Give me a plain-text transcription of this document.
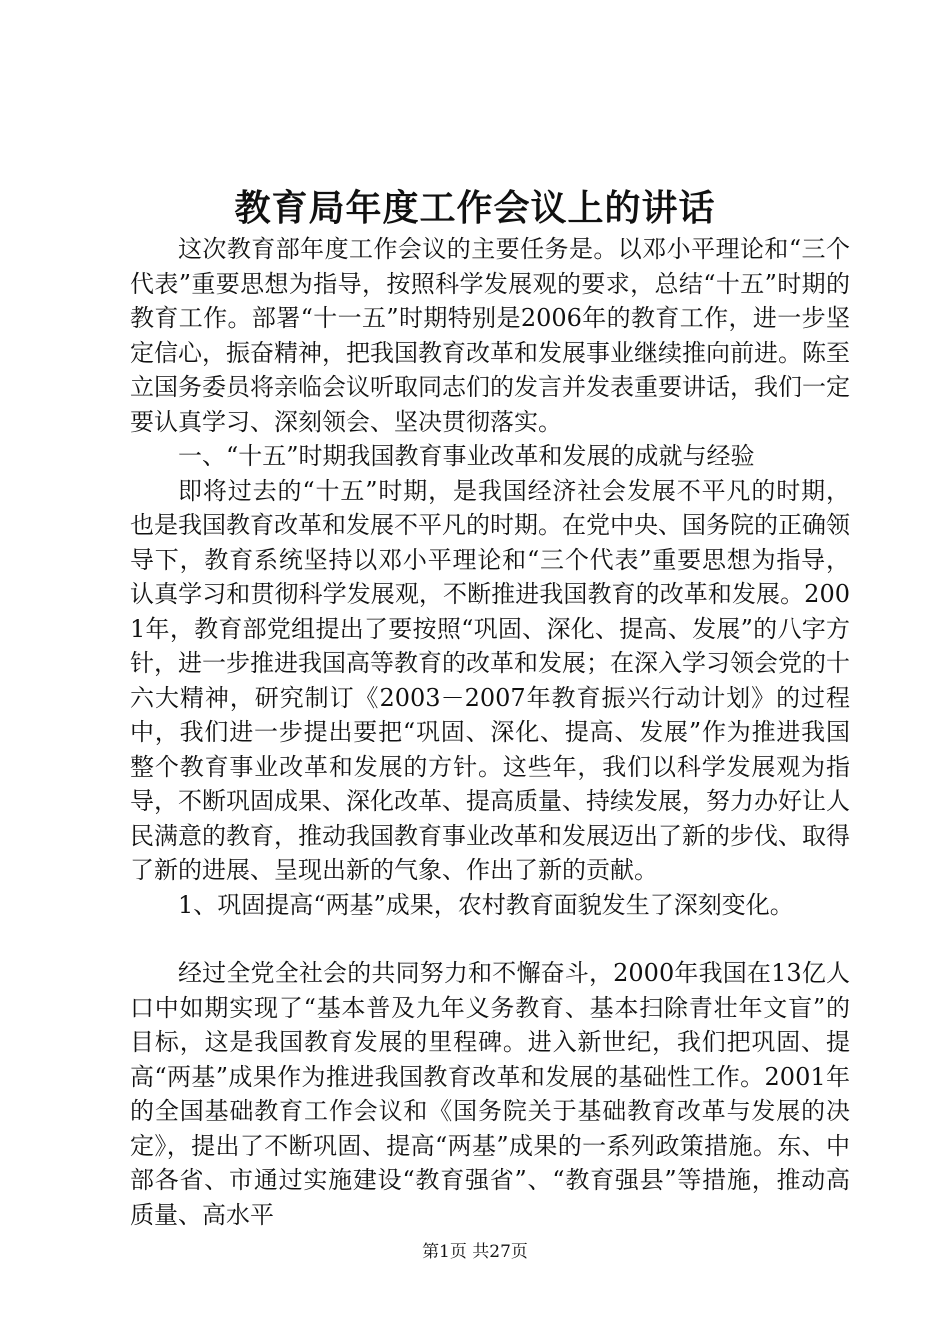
教育局年度工作会议上的讲话

这次教育部年度工作会议的主要任务是。以邓小平理论和“三个代表”重要思想为指导，按照科学发展观的要求，总结“十五”时期的教育工作。部署“十一五”时期特别是2006年的教育工作，进一步坚定信心，振奋精神，把我国教育改革和发展事业继续推向前进。陈至立国务委员将亲临会议听取同志们的发言并发表重要讲话，我们一定要认真学习、深刻领会、坚决贯彻落实。

一、“十五”时期我国教育事业改革和发展的成就与经验

即将过去的“十五”时期，是我国经济社会发展不平凡的时期，也是我国教育改革和发展不平凡的时期。在党中央、国务院的正确领导下，教育系统坚持以邓小平理论和“三个代表”重要思想为指导，认真学习和贯彻科学发展观，不断推进我国教育的改革和发展。2001年，教育部党组提出了要按照“巩固、深化、提高、发展”的八字方针，进一步推进我国高等教育的改革和发展；在深入学习领会党的十六大精神，研究制订《2003－2007年教育振兴行动计划》的过程中，我们进一步提出要把“巩固、深化、提高、发展”作为推进我国整个教育事业改革和发展的方针。这些年，我们以科学发展观为指导，不断巩固成果、深化改革、提高质量、持续发展，努力办好让人民满意的教育，推动我国教育事业改革和发展迈出了新的步伐、取得了新的进展、呈现出新的气象、作出了新的贡献。

1、巩固提高“两基”成果，农村教育面貌发生了深刻变化。

经过全党全社会的共同努力和不懈奋斗，2000年我国在13亿人口中如期实现了“基本普及九年义务教育、基本扫除青壮年文盲”的目标，这是我国教育发展的里程碑。进入新世纪，我们把巩固、提高“两基”成果作为推进我国教育改革和发展的基础性工作。2001年的全国基础教育工作会议和《国务院关于基础教育改革与发展的决定》，提出了不断巩固、提高“两基”成果的一系列政策措施。东、中部各省、市通过实施建设“教育强省”、“教育强县”等措施，推动高质量、高水平

第1页 共27页
